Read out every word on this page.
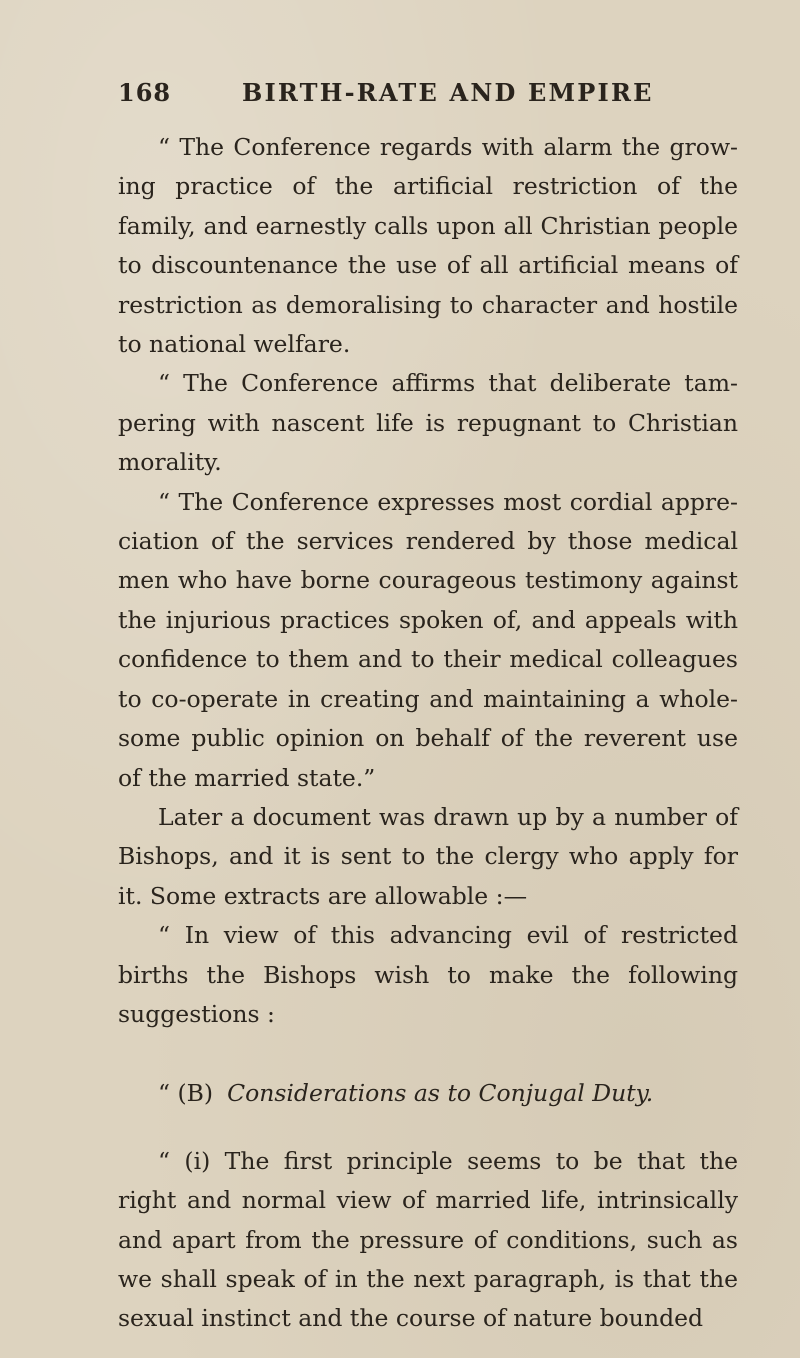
168	BIRTH-RATE AND EMPIRE

“ The Conference regards with alarm the grow-ing practice of the artificial restriction of the family, and earnestly calls upon all Christian people to discountenance the use of all artificial means of restriction as demoralising to character and hostile to national welfare.

“ The Conference affirms that deliberate tam-pering with nascent life is repugnant to Christian morality.

“ The Conference expresses most cordial appre-ciation of the services rendered by those medical men who have borne courageous testimony against the injurious practices spoken of, and appeals with confidence to them and to their medical colleagues to co-operate in creating and maintaining a whole-some public opinion on behalf of the reverent use of the married state.”

Later a document was drawn up by a number of Bishops, and it is sent to the clergy who apply for it. Some extracts are allowable :—

“ In view of this advancing evil of restricted births the Bishops wish to make the following suggestions :

“ (B) Considerations as to Conjugal Duty.

“ (i) The first principle seems to be that the right and normal view of married life, intrinsically and apart from the pressure of conditions, such as we shall speak of in the next paragraph, is that the sexual instinct and the course of nature bounded
